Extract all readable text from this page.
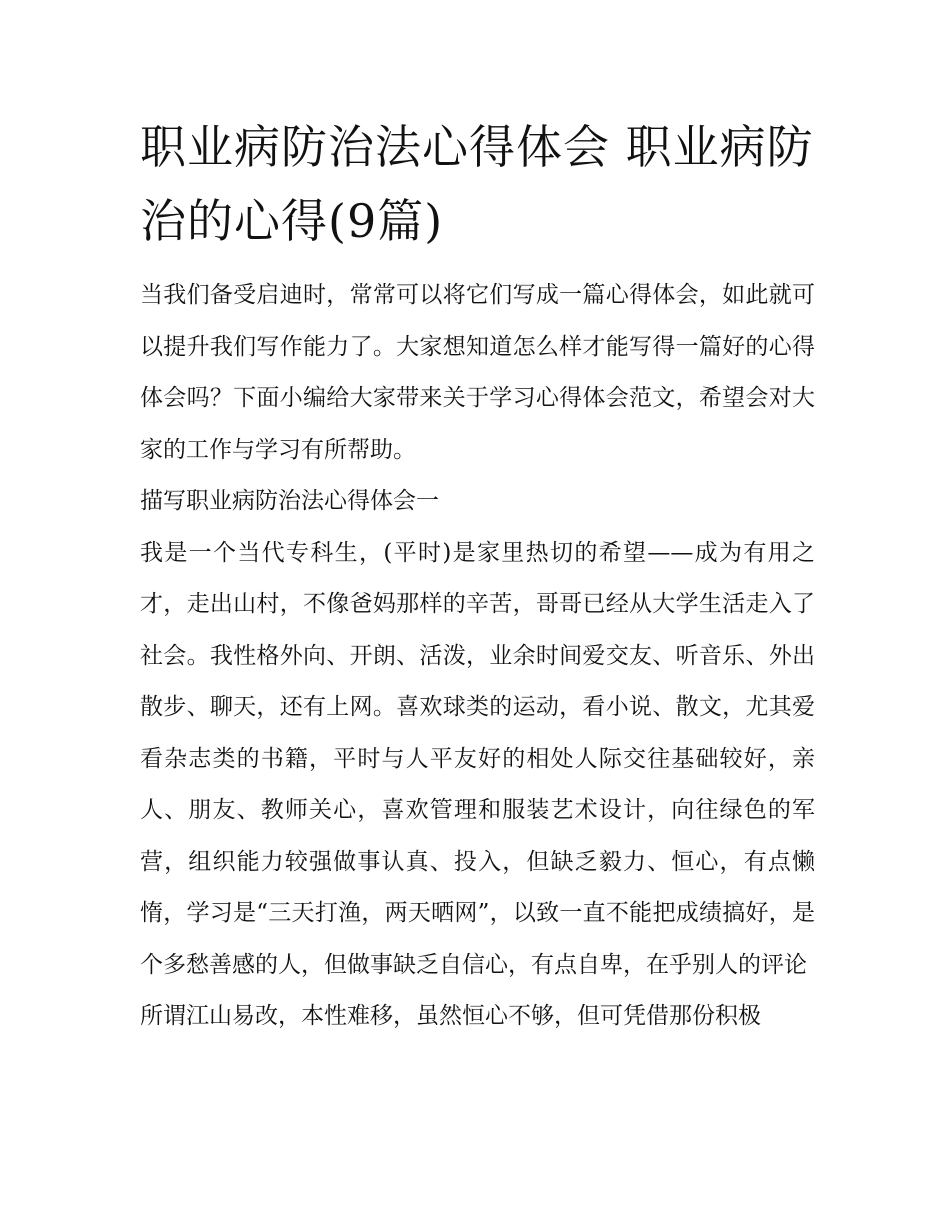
职业病防治法心得体会 职业病防治的心得(9篇)

当我们备受启迪时，常常可以将它们写成一篇心得体会，如此就可以提升我们写作能力了。大家想知道怎么样才能写得一篇好的心得体会吗？下面小编给大家带来关于学习心得体会范文，希望会对大家的工作与学习有所帮助。

描写职业病防治法心得体会一

我是一个当代专科生，(平时)是家里热切的希望——成为有用之才，走出山村，不像爸妈那样的辛苦，哥哥已经从大学生活走入了社会。我性格外向、开朗、活泼，业余时间爱交友、听音乐、外出散步、聊天，还有上网。喜欢球类的运动，看小说、散文，尤其爱看杂志类的书籍，平时与人平友好的相处人际交往基础较好，亲人、朋友、教师关心，喜欢管理和服装艺术设计，向往绿色的军营，组织能力较强做事认真、投入，但缺乏毅力、恒心，有点懒惰，学习是“三天打渔，两天晒网”，以致一直不能把成绩搞好，是个多愁善感的人，但做事缺乏自信心，有点自卑，在乎别人的评论

所谓江山易改，本性难移，虽然恒心不够，但可凭借那份积极
